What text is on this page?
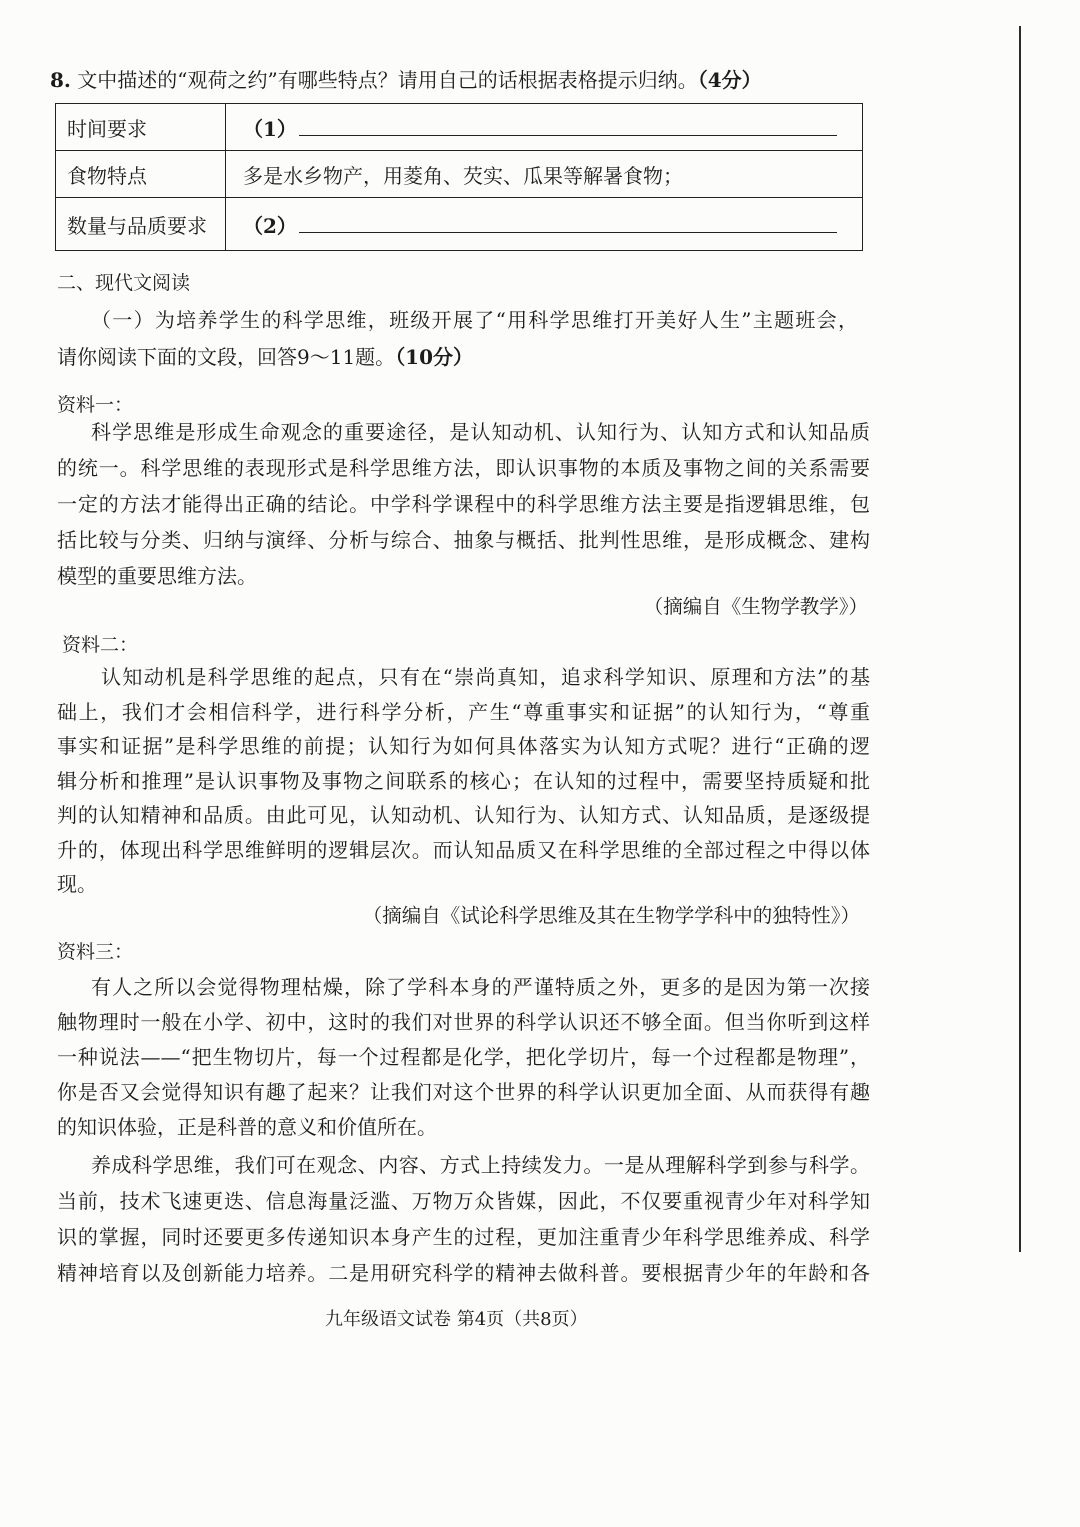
8. 文中描述的“观荷之约”有哪些特点？请用自己的话根据表格提示归纳。（4分）
时间要求	（1）
食物特点	多是水乡物产，用菱角、芡实、瓜果等解暑食物；
数量与品质要求	（2）
二、现代文阅读
（一）为培养学生的科学思维，班级开展了“用科学思维打开美好人生”主题班会，
请你阅读下面的文段，回答9～11题。（10分）
资料一：
科学思维是形成生命观念的重要途径，是认知动机、认知行为、认知方式和认知品质
的统一。科学思维的表现形式是科学思维方法，即认识事物的本质及事物之间的关系需要
一定的方法才能得出正确的结论。中学科学课程中的科学思维方法主要是指逻辑思维，包
括比较与分类、归纳与演绎、分析与综合、抽象与概括、批判性思维，是形成概念、建构
模型的重要思维方法。
（摘编自《生物学教学》）
资料二：
认知动机是科学思维的起点，只有在“崇尚真知，追求科学知识、原理和方法”的基
础上，我们才会相信科学，进行科学分析，产生“尊重事实和证据”的认知行为，“尊重
事实和证据”是科学思维的前提；认知行为如何具体落实为认知方式呢？进行“正确的逻
辑分析和推理”是认识事物及事物之间联系的核心；在认知的过程中，需要坚持质疑和批
判的认知精神和品质。由此可见，认知动机、认知行为、认知方式、认知品质，是逐级提
升的，体现出科学思维鲜明的逻辑层次。而认知品质又在科学思维的全部过程之中得以体
现。
（摘编自《试论科学思维及其在生物学学科中的独特性》）
资料三：
有人之所以会觉得物理枯燥，除了学科本身的严谨特质之外，更多的是因为第一次接
触物理时一般在小学、初中，这时的我们对世界的科学认识还不够全面。但当你听到这样
一种说法——“把生物切片，每一个过程都是化学，把化学切片，每一个过程都是物理”，
你是否又会觉得知识有趣了起来？让我们对这个世界的科学认识更加全面、从而获得有趣
的知识体验，正是科普的意义和价值所在。
养成科学思维，我们可在观念、内容、方式上持续发力。一是从理解科学到参与科学。
当前，技术飞速更迭、信息海量泛滥、万物万众皆媒，因此，不仅要重视青少年对科学知
识的掌握，同时还要更多传递知识本身产生的过程，更加注重青少年科学思维养成、科学
精神培育以及创新能力培养。二是用研究科学的精神去做科普。要根据青少年的年龄和各
九年级语文试卷 第4页（共8页）
